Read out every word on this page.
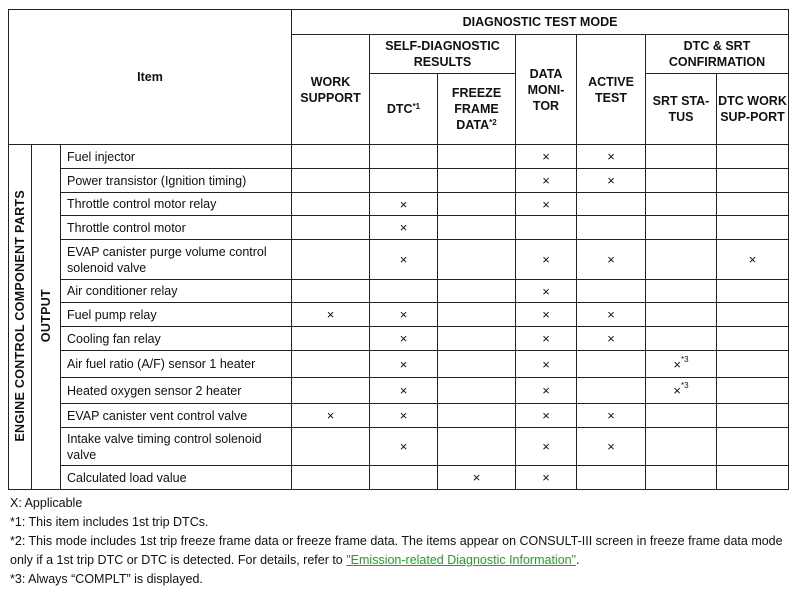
Item			DIAGNOSTIC TEST MODE						
			WORK SUPPORT	SELF-DIAGNOSTIC RESULTS		DATA MONI-TOR	ACTIVE TEST	DTC & SRT CONFIRMATION	
				DTC$^{*1}$	FREEZE FRAME DATA$^{*2}$			SRT STA-TUS	DTC WORK SUP-PORT
ENGINE CONTROL COMPONENT PARTS	OUTPUT	Fuel injector				×	×		
		Power transistor (Ignition timing)				×	×		
		Throttle control motor relay		×		×			
		Throttle control motor		×					
		EVAP canister purge volume control solenoid valve		×		×	×		×
		Air conditioner relay				×			
		Fuel pump relay	×	×		×	×		
		Cooling fan relay		×		×	×		
		Air fuel ratio (A/F) sensor 1 heater		×		×		×$^{*3}$	
		Heated oxygen sensor 2 heater		×		×		×$^{*3}$	
		EVAP canister vent control valve	×	×		×	×		
		Intake valve timing control solenoid valve		×		×	×		
		Calculated load value			×	×			

X: Applicable

*1: This item includes 1st trip DTCs.

*2: This mode includes 1st trip freeze frame data or freeze frame data. The items appear on CONSULT-III screen in freeze frame data mode only if a 1st trip DTC or DTC is detected. For details, refer to "Emission-related Diagnostic Information".

*3: Always “COMPLT” is displayed.
